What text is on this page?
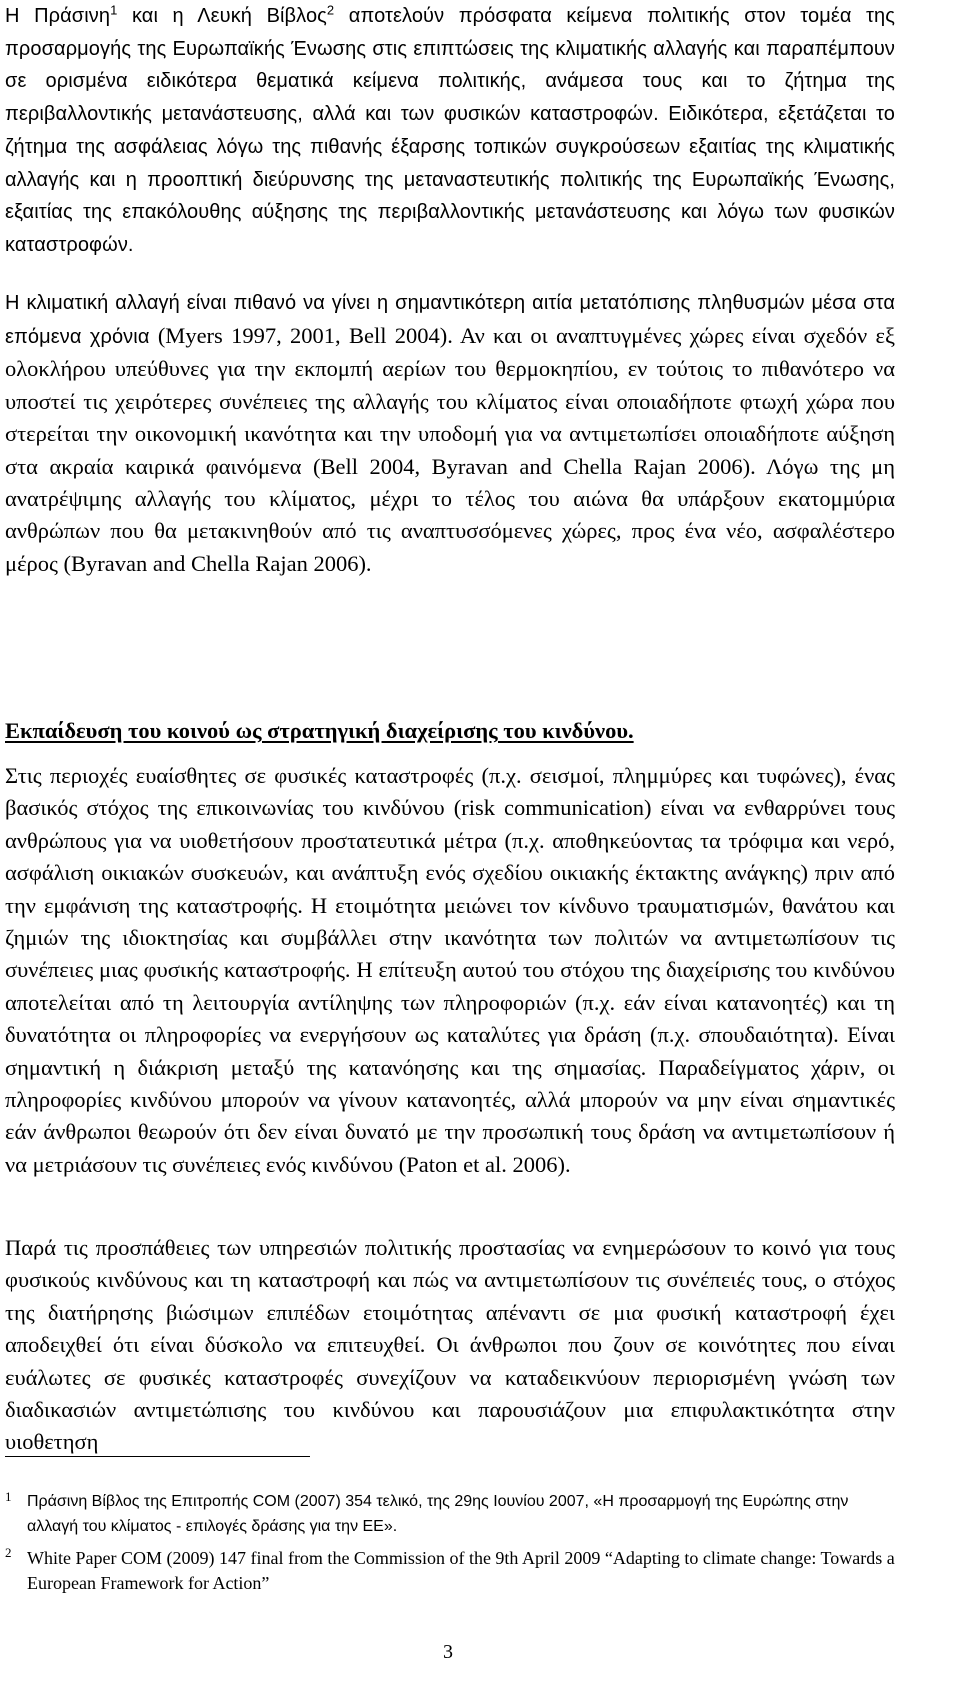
Η Πράσινη$^1$ και η Λευκή Βίβλος$^2$ αποτελούν πρόσφατα κείμενα πολιτικής στον τομέα της προσαρμογής της Ευρωπαϊκής Ένωσης στις επιπτώσεις της κλιματικής αλλαγής και παραπέμπουν σε ορισμένα ειδικότερα θεματικά κείμενα πολιτικής, ανάμεσα τους και το ζήτημα της περιβαλλοντικής μετανάστευσης, αλλά και των φυσικών καταστροφών. Ειδικότερα, εξετάζεται το ζήτημα της ασφάλειας λόγω της πιθανής έξαρσης τοπικών συγκρούσεων εξαιτίας της κλιματικής αλλαγής και η προοπτική διεύρυνσης της μεταναστευτικής πολιτικής της Ευρωπαϊκής Ένωσης, εξαιτίας της επακόλουθης αύξησης της περιβαλλοντικής μετανάστευσης και λόγω των φυσικών καταστροφών.

Η κλιματική αλλαγή είναι πιθανό να γίνει η σημαντικότερη αιτία μετατόπισης πληθυσμών μέσα στα επόμενα χρόνια (Myers 1997, 2001, Bell 2004). Αν και οι αναπτυγμένες χώρες είναι σχεδόν εξ ολοκλήρου υπεύθυνες για την εκπομπή αερίων του θερμοκηπίου, εν τούτοις το πιθανότερο να υποστεί τις χειρότερες συνέπειες της αλλαγής του κλίματος είναι οποιαδήποτε φτωχή χώρα που στερείται την οικονομική ικανότητα και την υποδομή για να αντιμετωπίσει οποιαδήποτε αύξηση στα ακραία καιρικά φαινόμενα (Bell 2004, Byravan and Chella Rajan 2006). Λόγω της μη ανατρέψιμης αλλαγής του κλίματος, μέχρι το τέλος του αιώνα θα υπάρξουν εκατομμύρια ανθρώπων που θα μετακινηθούν από τις αναπτυσσόμενες χώρες, προς ένα νέο, ασφαλέστερο μέρος (Byravan and Chella Rajan 2006).

Εκπαίδευση του κοινού ως στρατηγική διαχείρισης του κινδύνου.

Στις περιοχές ευαίσθητες σε φυσικές καταστροφές (π.χ. σεισμοί, πλημμύρες και τυφώνες), ένας βασικός στόχος της επικοινωνίας του κινδύνου (risk communication) είναι να ενθαρρύνει τους ανθρώπους για να υιοθετήσουν προστατευτικά μέτρα (π.χ. αποθηκεύοντας τα τρόφιμα και νερό, ασφάλιση οικιακών συσκευών, και ανάπτυξη ενός σχεδίου οικιακής έκτακτης ανάγκης) πριν από την εμφάνιση της καταστροφής. Η ετοιμότητα μειώνει τον κίνδυνο τραυματισμών, θανάτου και ζημιών της ιδιοκτησίας και συμβάλλει στην ικανότητα των πολιτών να αντιμετωπίσουν τις συνέπειες μιας φυσικής καταστροφής. Η επίτευξη αυτού του στόχου της διαχείρισης του κινδύνου αποτελείται από τη λειτουργία αντίληψης των πληροφοριών (π.χ. εάν είναι κατανοητές) και τη δυνατότητα οι πληροφορίες να ενεργήσουν ως καταλύτες για δράση (π.χ. σπουδαιότητα). Είναι σημαντική η διάκριση μεταξύ της κατανόησης και της σημασίας. Παραδείγματος χάριν, οι πληροφορίες κινδύνου μπορούν να γίνουν κατανοητές, αλλά μπορούν να μην είναι σημαντικές εάν άνθρωποι θεωρούν ότι δεν είναι δυνατό με την προσωπική τους δράση να αντιμετωπίσουν ή να μετριάσουν τις συνέπειες ενός κινδύνου (Paton et al. 2006).

Παρά τις προσπάθειες των υπηρεσιών πολιτικής προστασίας να ενημερώσουν το κοινό για τους φυσικούς κινδύνους και τη καταστροφή και πώς να αντιμετωπίσουν τις συνέπειές τους, ο στόχος της διατήρησης βιώσιμων επιπέδων ετοιμότητας απέναντι σε μια φυσική καταστροφή έχει αποδειχθεί ότι είναι δύσκολο να επιτευχθεί. Οι άνθρωποι που ζουν σε κοινότητες που είναι ευάλωτες σε φυσικές καταστροφές συνεχίζουν να καταδεικνύουν περιορισμένη γνώση των διαδικασιών αντιμετώπισης του κινδύνου και παρουσιάζουν μια επιφυλακτικότητα στην υιοθετηση

1 Πράσινη Βίβλος της Επιτροπής COM (2007) 354 τελικό, της 29ης Ιουνίου 2007, «Η προσαρμογή της Ευρώπης στην αλλαγή του κλίματος - επιλογές δράσης για την ΕΕ».
2 White Paper COM (2009) 147 final from the Commission of the 9th April 2009 “Adapting to climate change: Towards a European Framework for Action”
3
